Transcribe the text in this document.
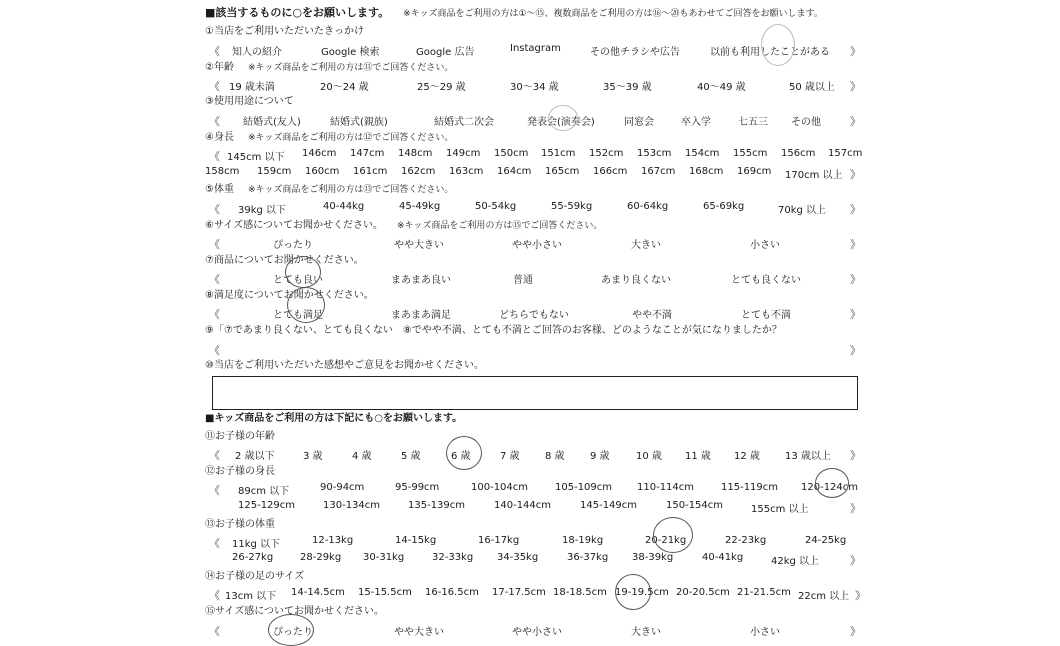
■該当するものに○をお願いします。 ※キッズ商品をご利用の方は①〜⑮、複数商品をご利用の方は⑯〜⑳もあわせてご回答をお願いします。
①当店をご利用いただいたきっかけ
《 知人の紹介	Google 検索	Google 広告	Instagram	その他チラシや広告	以前も利用したことがある 》
②年齢 ※キッズ商品をご利用の方は⑪でご回答ください。
《 19 歳未満	20〜24 歳	25〜29 歳	30〜34 歳	35〜39 歳	40〜49 歳	50 歳以上 》
③使用用途について
《 結婚式(友人)	結婚式(親族)	結婚式二次会	発表会(演奏会)	同窓会	卒入学	七五三 その他	》
④身長 ※キッズ商品をご利用の方は⑫でご回答ください。
《 145cm 以下 146cm 147cm 148cm 149cm 150cm 151cm 152cm 153cm 154cm 155cm 156cm 157cm
158cm 159cm 160cm 161cm 162cm 163cm 164cm 165cm 166cm 167cm 168cm 169cm 170cm 以上 》
⑤体重 ※キッズ商品をご利用の方は⑬でご回答ください。
《 39kg 以下	40-44kg	45-49kg	50-54kg	55-59kg	60-64kg	65-69kg	70kg 以上 》
⑥サイズ感についてお聞かせください。 ※キッズ商品をご利用の方は⑮でご回答ください。
《	ぴったり	やや大きい	やや小さい	大きい	小さい	》
⑦商品についてお聞かせください。
《	とても良い	まあまあ良い	普通	あまり良くない	とても良くない	》
⑧満足度についてお聞かせください。
《	とても満足	まあまあ満足	どちらでもない	やや不満	とても不満	》
⑨「⑦であまり良くない、とても良くない　⑧でやや不満、とても不満とご回答のお客様、どのようなことが気になりましたか？
《	》
⑩当店をご利用いただいた感想やご意見をお聞かせください。
■キッズ商品をご利用の方は下記にも○をお願いします。
⑪お子様の年齢
《 2 歳以下	3 歳	4 歳	5 歳	6 歳	7 歳	8 歳	9 歳	10 歳 11 歳 12 歳	13 歳以上 》
⑫お子様の身長
《 89cm 以下	90-94cm	95-99cm	100-104cm	105-109cm 110-114cm	115-119cm 120-124cm
125-129cm	130-134cm	135-139cm	140-144cm	145-149cm	150-154cm	155cm 以上	》
⑬お子様の体重
《 11kg 以下	12-13kg	14-15kg	16-17kg	18-19kg	20-21kg	22-23kg	24-25kg
26-27kg	28-29kg 30-31kg	32-33kg 34-35kg	36-37kg 38-39kg	40-41kg	42kg 以上	》
⑭お子様の足のサイズ
《 13cm 以下 14-14.5cm 15-15.5cm 16-16.5cm 17-17.5cm 18-18.5cm 19-19.5cm 20-20.5cm 21-21.5cm 22cm 以上 》
⑮サイズ感についてお聞かせください。
《	ぴったり	やや大きい	やや小さい	大きい	小さい	》
